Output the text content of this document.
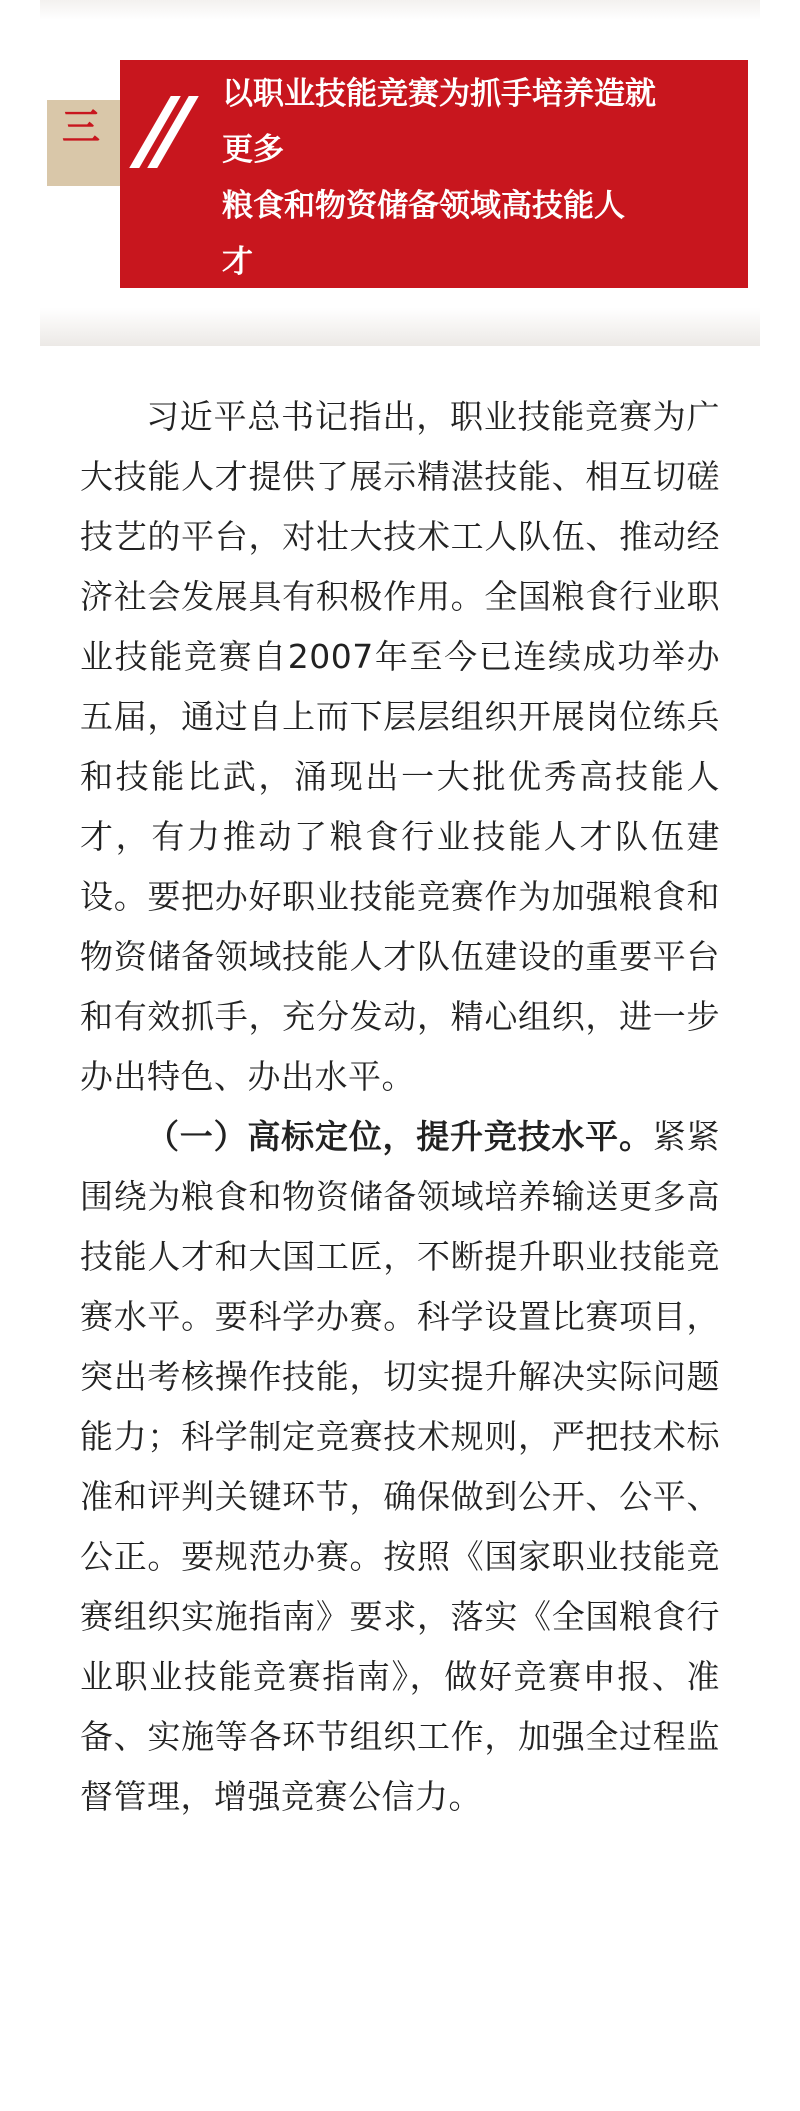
三
以职业技能竞赛为抓手培养造就
更多
粮食和物资储备领域高技能人
才

习近平总书记指出，职业技能竞赛为广大技能人才提供了展示精湛技能、相互切磋技艺的平台，对壮大技术工人队伍、推动经济社会发展具有积极作用。全国粮食行业职业技能竞赛自2007年至今已连续成功举办五届，通过自上而下层层组织开展岗位练兵和技能比武，涌现出一大批优秀高技能人才，有力推动了粮食行业技能人才队伍建设。要把办好职业技能竞赛作为加强粮食和物资储备领域技能人才队伍建设的重要平台和有效抓手，充分发动，精心组织，进一步办出特色、办出水平。

（一）高标定位，提升竞技水平。紧紧围绕为粮食和物资储备领域培养输送更多高技能人才和大国工匠，不断提升职业技能竞赛水平。要科学办赛。科学设置比赛项目，突出考核操作技能，切实提升解决实际问题能力；科学制定竞赛技术规则，严把技术标准和评判关键环节，确保做到公开、公平、公正。要规范办赛。按照《国家职业技能竞赛组织实施指南》要求，落实《全国粮食行业职业技能竞赛指南》，做好竞赛申报、准备、实施等各环节组织工作，加强全过程监督管理，增强竞赛公信力。
